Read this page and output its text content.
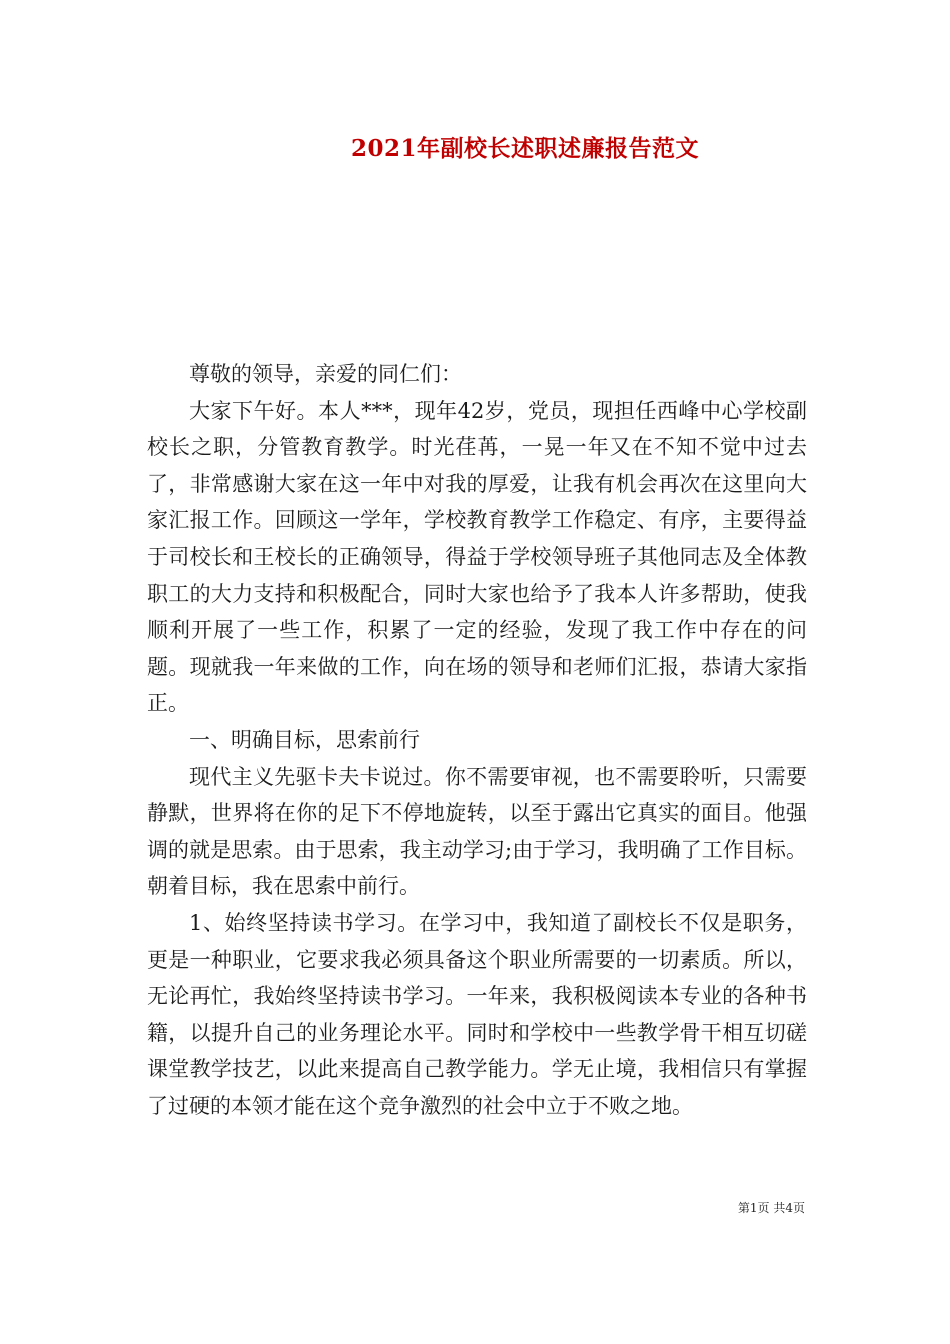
2021年副校长述职述廉报告范文

尊敬的领导，亲爱的同仁们：

大家下午好。本人***，现年42岁，党员，现担任西峰中心学校副校长之职，分管教育教学。时光荏苒，一晃一年又在不知不觉中过去了，非常感谢大家在这一年中对我的厚爱，让我有机会再次在这里向大家汇报工作。回顾这一学年，学校教育教学工作稳定、有序，主要得益于司校长和王校长的正确领导，得益于学校领导班子其他同志及全体教职工的大力支持和积极配合，同时大家也给予了我本人许多帮助，使我顺利开展了一些工作，积累了一定的经验，发现了我工作中存在的问题。现就我一年来做的工作，向在场的领导和老师们汇报，恭请大家指正。

一、明确目标，思索前行

现代主义先驱卡夫卡说过。你不需要审视，也不需要聆听，只需要静默，世界将在你的足下不停地旋转，以至于露出它真实的面目。他强调的就是思索。由于思索，我主动学习;由于学习，我明确了工作目标。朝着目标，我在思索中前行。

1、始终坚持读书学习。在学习中，我知道了副校长不仅是职务，更是一种职业，它要求我必须具备这个职业所需要的一切素质。所以，无论再忙，我始终坚持读书学习。一年来，我积极阅读本专业的各种书籍，以提升自己的业务理论水平。同时和学校中一些教学骨干相互切磋课堂教学技艺，以此来提高自己教学能力。学无止境，我相信只有掌握了过硬的本领才能在这个竞争激烈的社会中立于不败之地。

第1页 共4页
